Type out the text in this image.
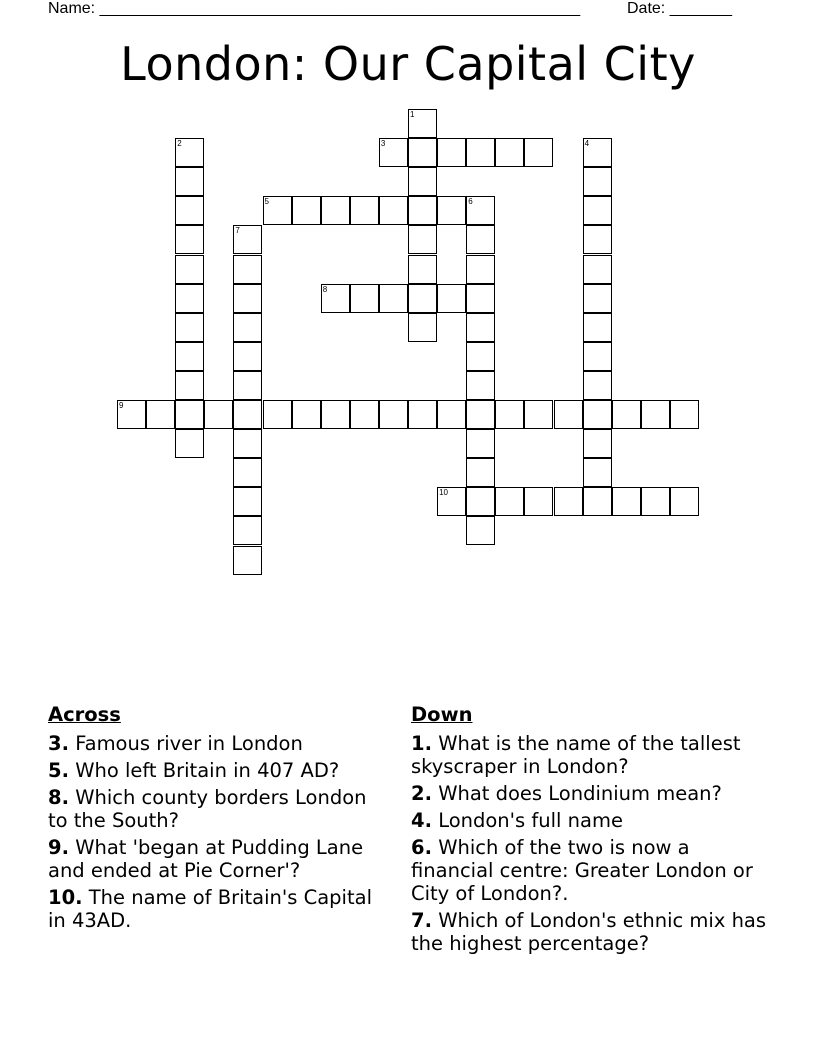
Name: ______________________________________________________	Date: _______
London: Our Capital City
1
2	3	4
5	6
7
8
9
10
Across
3. Famous river in London
5. Who left Britain in 407 AD?
8. Which county borders London to the South?
9. What 'began at Pudding Lane and ended at Pie Corner'?
10. The name of Britain's Capital in 43AD.
Down
1. What is the name of the tallest skyscraper in London?
2. What does Londinium mean?
4. London's full name
6. Which of the two is now a financial centre: Greater London or City of London?.
7. Which of London's ethnic mix has the highest percentage?
